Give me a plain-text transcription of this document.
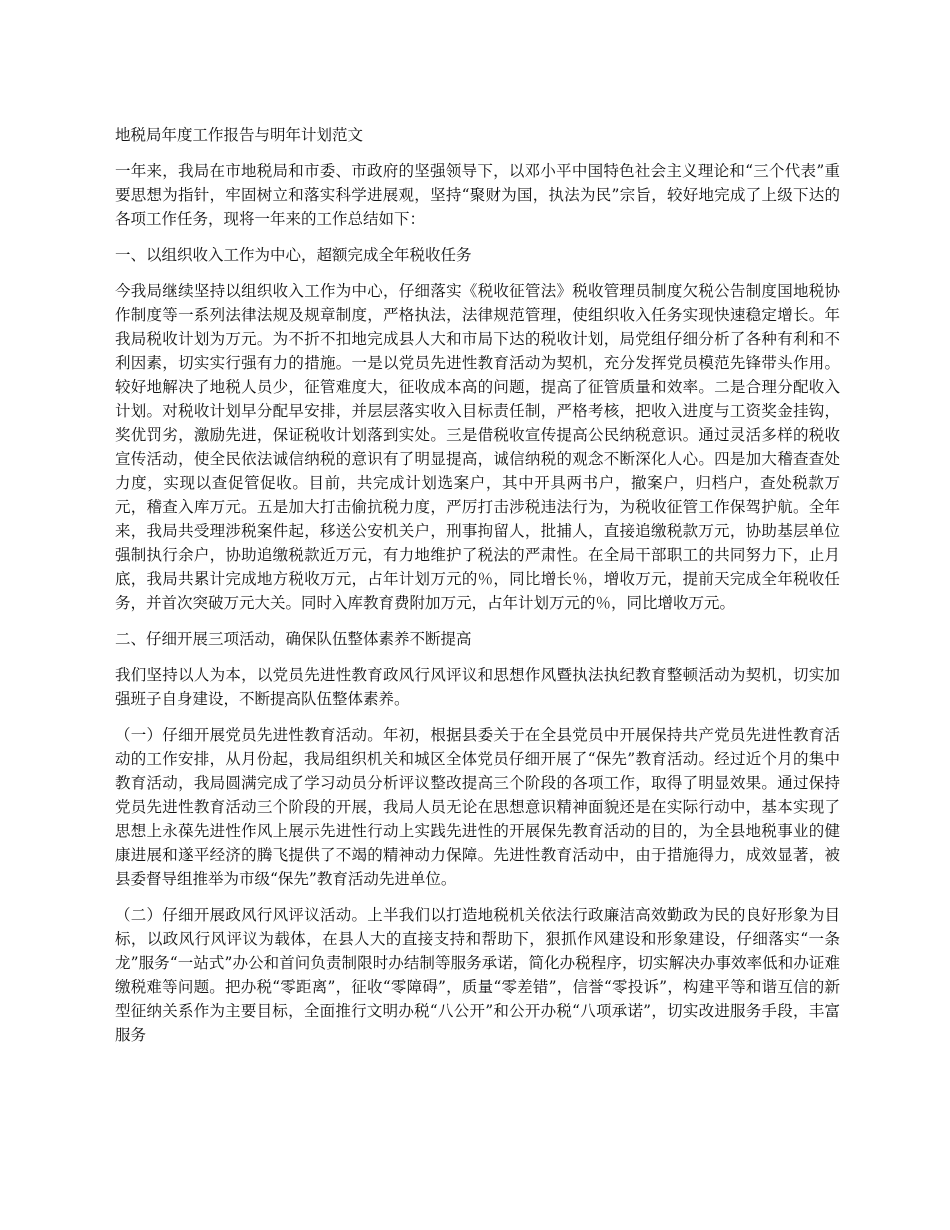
地税局年度工作报告与明年计划范文

一年来，我局在市地税局和市委、市政府的坚强领导下，以邓小平中国特色社会主义理论和“三个代表”重要思想为指针，牢固树立和落实科学进展观，坚持“聚财为国，执法为民”宗旨，较好地完成了上级下达的各项工作任务，现将一年来的工作总结如下：

一、以组织收入工作为中心，超额完成全年税收任务

今我局继续坚持以组织收入工作为中心，仔细落实《税收征管法》税收管理员制度欠税公告制度国地税协作制度等一系列法律法规及规章制度，严格执法，法律规范管理，使组织收入任务实现快速稳定增长。年我局税收计划为万元。为不折不扣地完成县人大和市局下达的税收计划，局党组仔细分析了各种有利和不利因素，切实实行强有力的措施。一是以党员先进性教育活动为契机，充分发挥党员模范先锋带头作用。较好地解决了地税人员少，征管难度大，征收成本高的问题，提高了征管质量和效率。二是合理分配收入计划。对税收计划早分配早安排，并层层落实收入目标责任制，严格考核，把收入进度与工资奖金挂钩，奖优罚劣，激励先进，保证税收计划落到实处。三是借税收宣传提高公民纳税意识。通过灵活多样的税收宣传活动，使全民依法诚信纳税的意识有了明显提高，诚信纳税的观念不断深化人心。四是加大稽查查处力度，实现以查促管促收。目前，共完成计划选案户，其中开具两书户，撤案户，归档户，查处税款万元，稽查入库万元。五是加大打击偷抗税力度，严厉打击涉税违法行为，为税收征管工作保驾护航。全年来，我局共受理涉税案件起，移送公安机关户，刑事拘留人，批捕人，直接追缴税款万元，协助基层单位强制执行余户，协助追缴税款近万元，有力地维护了税法的严肃性。在全局干部职工的共同努力下，止月底，我局共累计完成地方税收万元，占年计划万元的％，同比增长％，增收万元，提前天完成全年税收任务，并首次突破万元大关。同时入库教育费附加万元，占年计划万元的％，同比增收万元。

二、仔细开展三项活动，确保队伍整体素养不断提高

我们坚持以人为本，以党员先进性教育政风行风评议和思想作风暨执法执纪教育整顿活动为契机，切实加强班子自身建设，不断提高队伍整体素养。

（一）仔细开展党员先进性教育活动。年初，根据县委关于在全县党员中开展保持共产党员先进性教育活动的工作安排，从月份起，我局组织机关和城区全体党员仔细开展了“保先”教育活动。经过近个月的集中教育活动，我局圆满完成了学习动员分析评议整改提高三个阶段的各项工作，取得了明显效果。通过保持党员先进性教育活动三个阶段的开展，我局人员无论在思想意识精神面貌还是在实际行动中，基本实现了思想上永葆先进性作风上展示先进性行动上实践先进性的开展保先教育活动的目的，为全县地税事业的健康进展和遂平经济的腾飞提供了不竭的精神动力保障。先进性教育活动中，由于措施得力，成效显著，被县委督导组推举为市级“保先”教育活动先进单位。

（二）仔细开展政风行风评议活动。上半我们以打造地税机关依法行政廉洁高效勤政为民的良好形象为目标，以政风行风评议为载体，在县人大的直接支持和帮助下，狠抓作风建设和形象建设，仔细落实“一条龙”服务“一站式”办公和首问负责制限时办结制等服务承诺，简化办税程序，切实解决办事效率低和办证难缴税难等问题。把办税“零距离”，征收“零障碍”，质量“零差错”，信誉“零投诉”，构建平等和谐互信的新型征纳关系作为主要目标，全面推行文明办税“八公开”和公开办税“八项承诺”，切实改进服务手段，丰富服务
